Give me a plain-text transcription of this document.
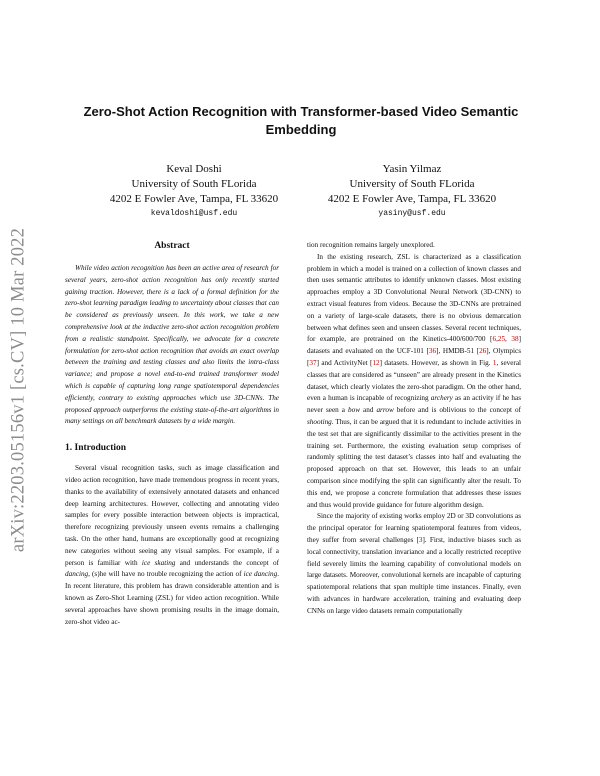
arXiv:2203.05156v1 [cs.CV] 10 Mar 2022
Zero-Shot Action Recognition with Transformer-based Video Semantic Embedding
Keval Doshi
University of South FLorida
4202 E Fowler Ave, Tampa, FL 33620
kevaldoshi@usf.edu
Yasin Yilmaz
University of South FLorida
4202 E Fowler Ave, Tampa, FL 33620
yasiny@usf.edu
Abstract

While video action recognition has been an active area of research for several years, zero-shot action recognition has only recently started gaining traction. However, there is a lack of a formal definition for the zero-shot learning paradigm leading to uncertainty about classes that can be considered as previously unseen. In this work, we take a new comprehensive look at the inductive zero-shot action recognition problem from a realistic standpoint. Specifically, we advocate for a concrete formulation for zero-shot action recognition that avoids an exact overlap between the training and testing classes and also limits the intra-class variance; and propose a novel end-to-end trained transformer model which is capable of capturing long range spatiotemporal dependencies efficiently, contrary to existing approaches which use 3D-CNNs. The proposed approach outperforms the existing state-of-the-art algorithms in many settings on all benchmark datasets by a wide margin.

1. Introduction

Several visual recognition tasks, such as image classification and video action recognition, have made tremendous progress in recent years, thanks to the availability of extensively annotated datasets and enhanced deep learning architectures. However, collecting and annotating video samples for every possible interaction between objects is impractical, therefore recognizing previously unseen events remains a challenging task. On the other hand, humans are exceptionally good at recognizing new categories without seeing any visual samples. For example, if a person is familiar with ice skating and understands the concept of dancing, (s)he will have no trouble recognizing the action of ice dancing. In recent literature, this problem has drawn considerable attention and is known as Zero-Shot Learning (ZSL) for video action recognition. While several approaches have shown promising results in the image domain, zero-shot video ac-

tion recognition remains largely unexplored.

In the existing research, ZSL is characterized as a classification problem in which a model is trained on a collection of known classes and then uses semantic attributes to identify unknown classes. Most existing approaches employ a 3D Convolutional Neural Network (3D-CNN) to extract visual features from videos. Because the 3D-CNNs are pretrained on a variety of large-scale datasets, there is no obvious demarcation between what defines seen and unseen classes. Several recent techniques, for example, are pretrained on the Kinetics-400/600/700 [6,25, 38] datasets and evaluated on the UCF-101 [36], HMDB-51 [26], Olympics [37] and ActivityNet [12] datasets. However, as shown in Fig. 1, several classes that are considered as “unseen” are already present in the Kinetics dataset, which clearly violates the zero-shot paradigm. On the other hand, even a human is incapable of recognizing archery as an activity if he has never seen a bow and arrow before and is oblivious to the concept of shooting. Thus, it can be argued that it is redundant to include activities in the test set that are significantly dissimilar to the activities present in the training set. Furthermore, the existing evaluation setup comprises of randomly splitting the test dataset’s classes into half and evaluating the proposed approach on that set. However, this leads to an unfair comparison since modifying the split can significantly alter the result. To this end, we propose a concrete formulation that addresses these issues and thus would provide guidance for future algorithm design.

Since the majority of existing works employ 2D or 3D convolutions as the principal operator for learning spatiotemporal features from videos, they suffer from several challenges [3]. First, inductive biases such as local connectivity, translation invariance and a locally restricted receptive field severely limits the learning capability of convolutional models on large datasets. Moreover, convolutional kernels are incapable of capturing spatiotemporal relations that span multiple time instances. Finally, even with advances in hardware acceleration, training and evaluating deep CNNs on large video datasets remain computationally
